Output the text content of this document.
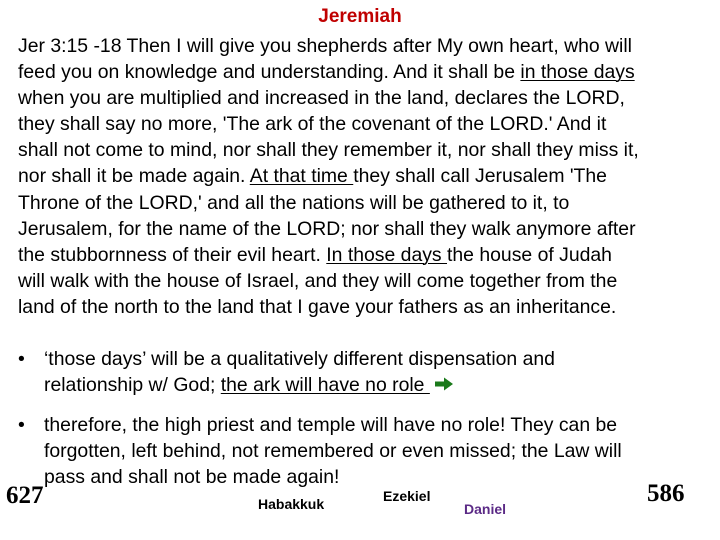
Jeremiah
Jer 3:15 -18 Then I will give you shepherds after My own heart, who will
feed you on knowledge and understanding. And it shall be in those days
when you are multiplied and increased in the land, declares the LORD,
they shall say no more, 'The ark of the covenant of the LORD.' And it
shall not come to mind, nor shall they remember it, nor shall they miss it,
nor shall it be made again. At that time they shall call Jerusalem 'The
Throne of the LORD,' and all the nations will be gathered to it, to
Jerusalem, for the name of the LORD; nor shall they walk anymore after
the stubbornness of their evil heart. In those days the house of Judah
will walk with the house of Israel, and they will come together from the
land of the north to the land that I gave your fathers as an inheritance.
• ‘those days’ will be a qualitatively different dispensation and
relationship w/ God; the ark will have no role
• therefore, the high priest and temple will have no role! They can be
forgotten, left behind, not remembered or even missed; the Law will
pass and shall not be made again!
627	586
Habakkuk	Ezekiel
Daniel
